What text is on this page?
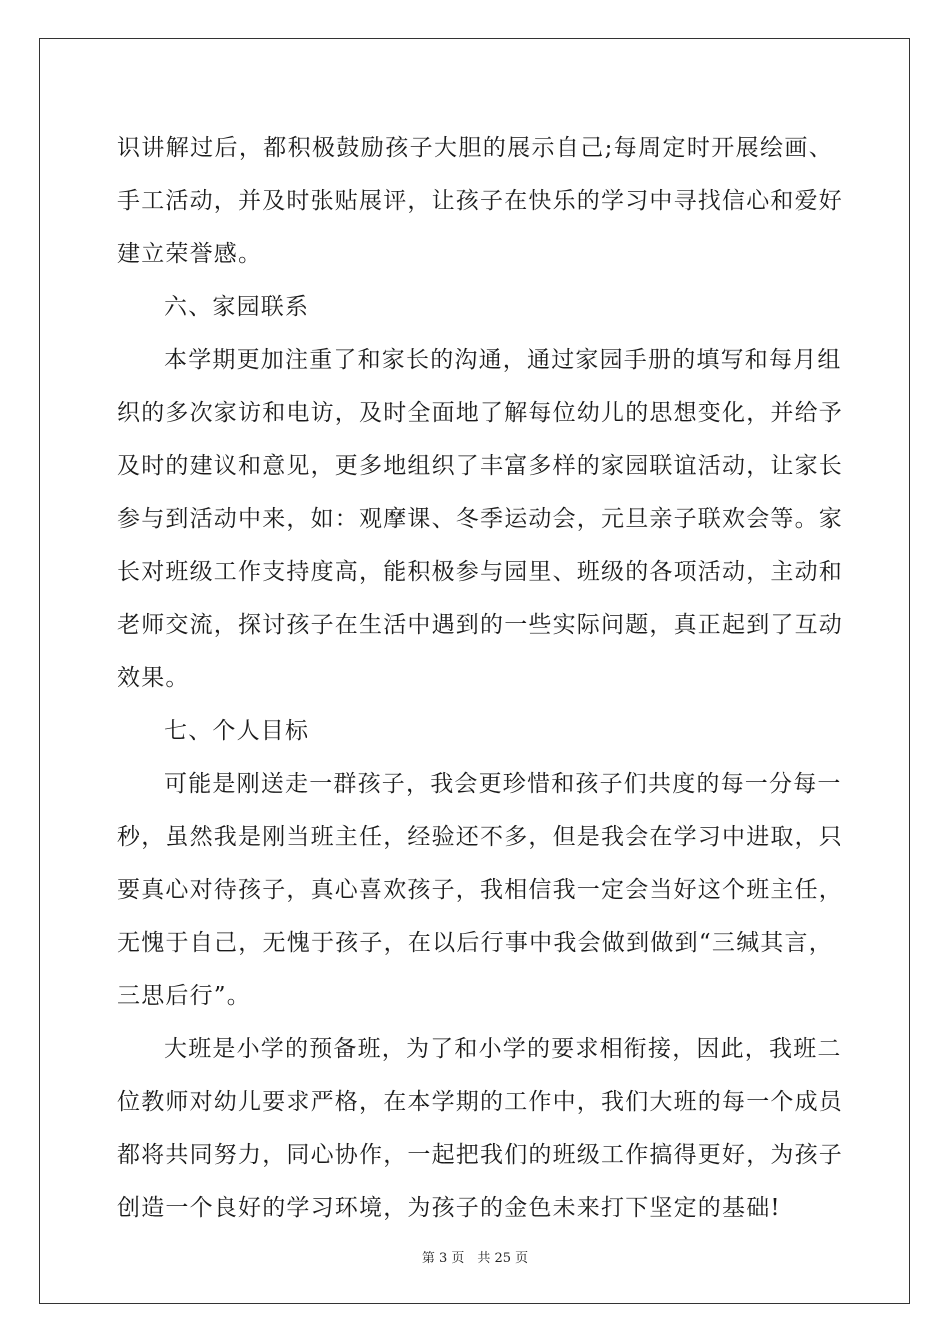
识讲解过后，都积极鼓励孩子大胆的展示自己;每周定时开展绘画、
手工活动，并及时张贴展评，让孩子在快乐的学习中寻找信心和爱好
建立荣誉感。
六、家园联系
本学期更加注重了和家长的沟通，通过家园手册的填写和每月组
织的多次家访和电访，及时全面地了解每位幼儿的思想变化，并给予
及时的建议和意见，更多地组织了丰富多样的家园联谊活动，让家长
参与到活动中来，如：观摩课、冬季运动会，元旦亲子联欢会等。家
长对班级工作支持度高，能积极参与园里、班级的各项活动，主动和
老师交流，探讨孩子在生活中遇到的一些实际问题，真正起到了互动
效果。
七、个人目标
可能是刚送走一群孩子，我会更珍惜和孩子们共度的每一分每一
秒，虽然我是刚当班主任，经验还不多，但是我会在学习中进取，只
要真心对待孩子，真心喜欢孩子，我相信我一定会当好这个班主任，
无愧于自己，无愧于孩子，在以后行事中我会做到做到“三缄其言，
三思后行”。
大班是小学的预备班，为了和小学的要求相衔接，因此，我班二
位教师对幼儿要求严格，在本学期的工作中，我们大班的每一个成员
都将共同努力，同心协作，一起把我们的班级工作搞得更好，为孩子
创造一个良好的学习环境，为孩子的金色未来打下坚定的基础!
第 3 页　共 25 页
